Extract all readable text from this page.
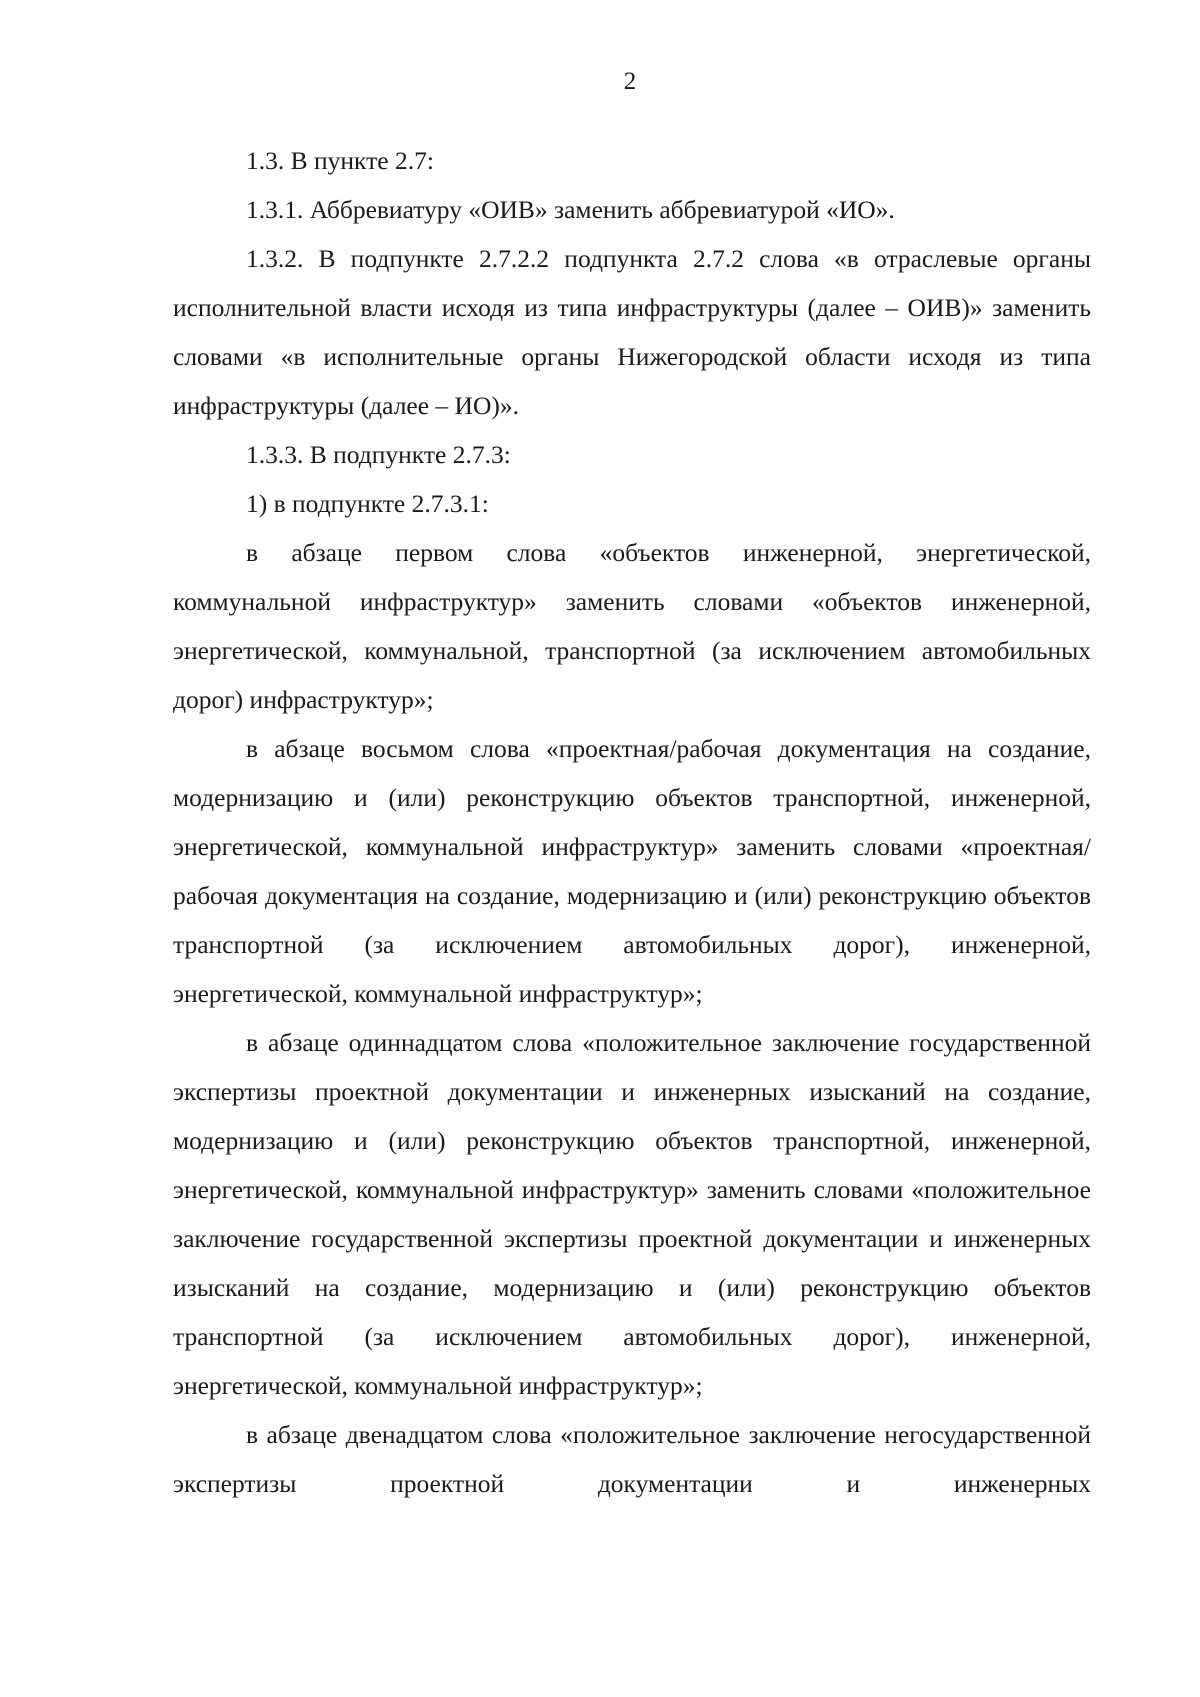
2

1.3. В пункте 2.7:

1.3.1. Аббревиатуру «ОИВ» заменить аббревиатурой «ИО».

1.3.2. В подпункте 2.7.2.2 подпункта 2.7.2 слова «в отраслевые органы исполнительной власти исходя из типа инфраструктуры (далее – ОИВ)» заменить словами «в исполнительные органы Нижегородской области исходя из типа инфраструктуры (далее – ИО)».

1.3.3. В подпункте 2.7.3:

1) в подпункте 2.7.3.1:

в абзаце первом слова «объектов инженерной, энергетической, коммунальной инфраструктур» заменить словами «объектов инженерной, энергетической, коммунальной, транспортной (за исключением автомобильных дорог) инфраструктур»;

в абзаце восьмом слова «проектная/рабочая документация на создание, модернизацию и (или) реконструкцию объектов транспортной, инженерной, энергетической, коммунальной инфраструктур» заменить словами «проектная/рабочая документация на создание, модернизацию и (или) реконструкцию объектов транспортной (за исключением автомобильных дорог), инженерной, энергетической, коммунальной инфраструктур»;

в абзаце одиннадцатом слова «положительное заключение государственной экспертизы проектной документации и инженерных изысканий на создание, модернизацию и (или) реконструкцию объектов транспортной, инженерной, энергетической, коммунальной инфраструктур» заменить словами «положительное заключение государственной экспертизы проектной документации и инженерных изысканий на создание, модернизацию и (или) реконструкцию объектов транспортной (за исключением автомобильных дорог), инженерной, энергетической, коммунальной инфраструктур»;

в абзаце двенадцатом слова «положительное заключение негосударственной экспертизы проектной документации и инженерных
